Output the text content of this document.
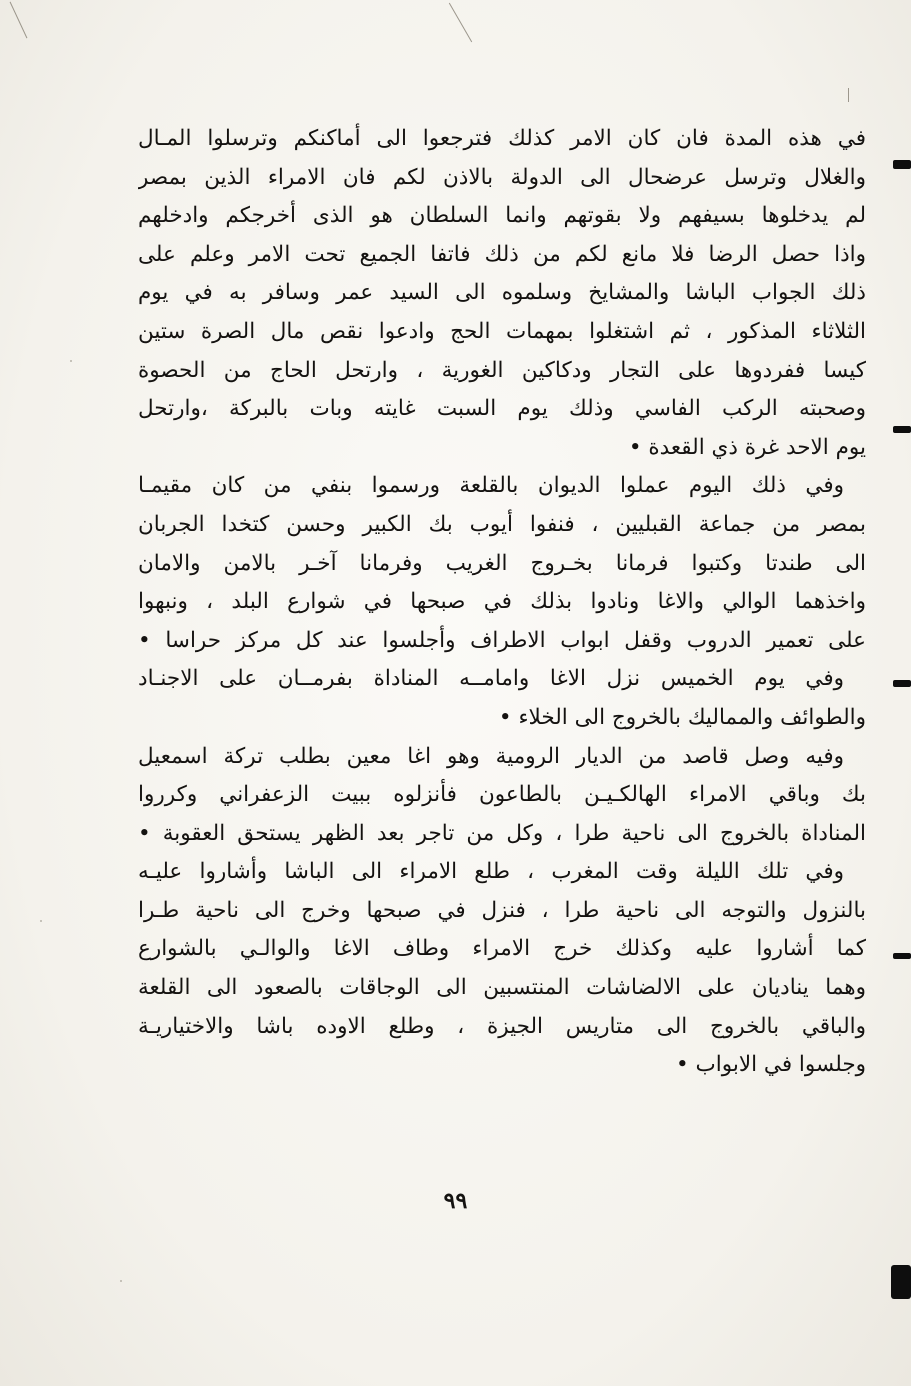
في هذه المدة فان كان الامر كذلك فترجعوا الى أماكنكم وترسلوا المـال
والغلال وترسل عرضحال الى الدولة بالاذن لكم فان الامراء الذين بمصر
لم يدخلوها بسيفهم ولا بقوتهم وانما السلطان هو الذى أخرجكم وادخلهم
واذا حصل الرضا فلا مانع لكم من ذلك فاتفا الجميع تحت الامر وعلم على
ذلك الجواب الباشا والمشايخ وسلموه الى السيد عمر وسافر به في يوم
الثلاثاء المذكور ، ثم اشتغلوا بمهمات الحج وادعوا نقص مال الصرة ستين
كيسا ففردوها على التجار ودكاكين الغورية ، وارتحل الحاج من الحصوة
وصحبته الركب الفاسي وذلك يوم السبت غايته وبات بالبركة ،وارتحل
يوم الاحد غرة ذي القعدة •
وفي ذلك اليوم عملوا الديوان بالقلعة ورسموا بنفي من كان مقيمـا
بمصر من جماعة القبليين ، فنفوا أيوب بك الكبير وحسن كتخدا الجربان
الى طندتا وكتبوا فرمانا بخـروج الغريب وفرمانا آخـر بالامن والامان
واخذهما الوالي والاغا ونادوا بذلك في صبحها في شوارع البلد ، ونبهوا
على تعمير الدروب وقفل ابواب الاطراف وأجلسوا عند كل مركز حراسا •
وفي يوم الخميس نزل الاغا وامامــه المناداة بفرمــان على الاجنـاد
والطوائف والمماليك بالخروج الى الخلاء •
وفيه وصل قاصد من الديار الرومية وهو اغا معين بطلب تركة اسمعيل
بك وباقي الامراء الهالكـيـن بالطاعون فأنزلوه ببيت الزعفراني وكرروا
المناداة بالخروج الى ناحية طرا ، وكل من تاجر بعد الظهر يستحق العقوبة •
وفي تلك الليلة وقت المغرب ، طلع الامراء الى الباشا وأشاروا عليـه
بالنزول والتوجه الى ناحية طرا ، فنزل في صبحها وخرج الى ناحية طـرا
كما أشاروا عليه وكذلك خرج الامراء وطاف الاغا والوالـي بالشوارع
وهما يناديان على الالضاشات المنتسبين الى الوجاقات بالصعود الى القلعة
والباقي بالخروج الى متاريس الجيزة ، وطلع الاوده باشا والاختياريـة
وجلسوا في الابواب •
٩٩
